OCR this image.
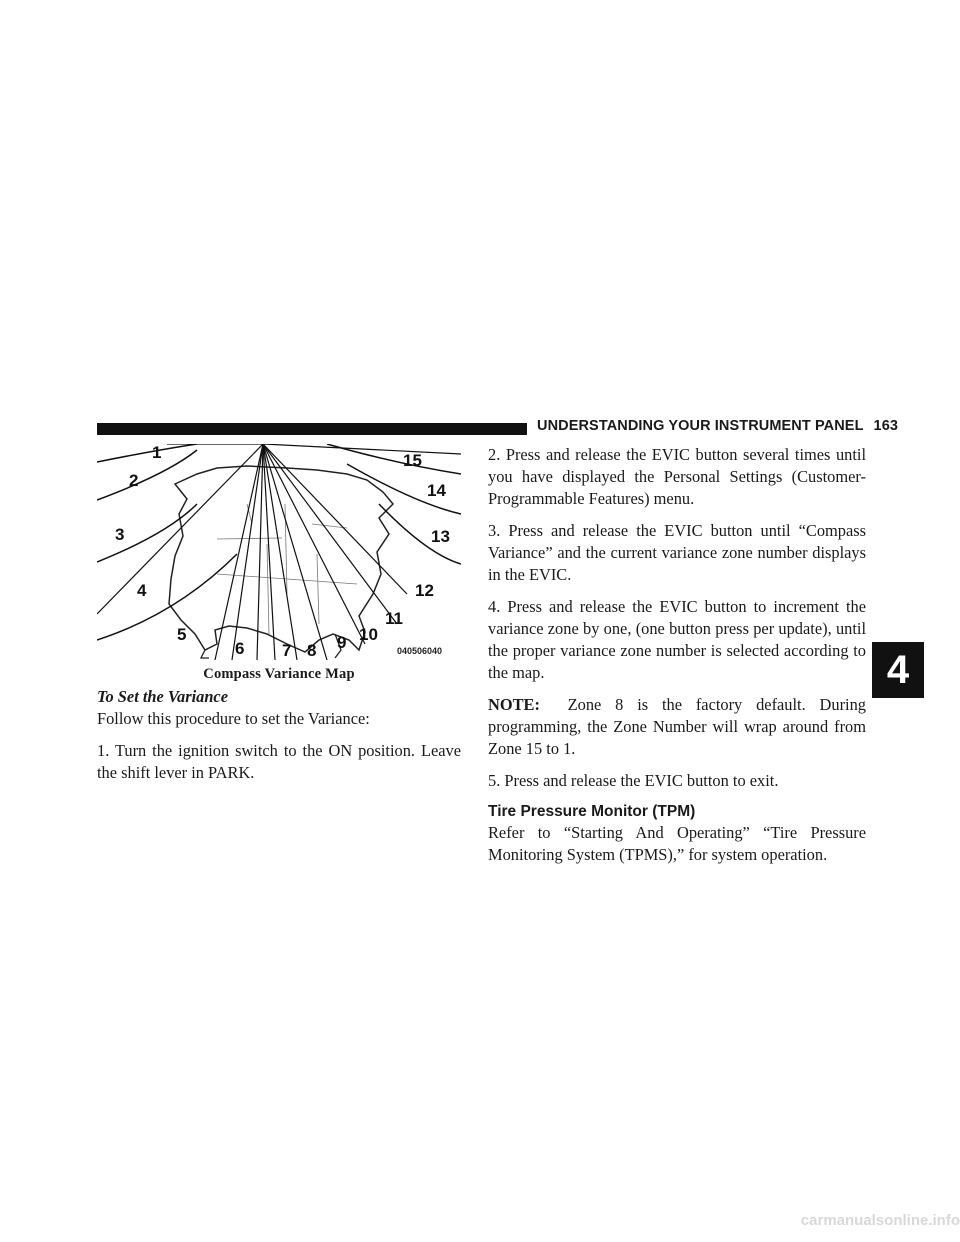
UNDERSTANDING YOUR INSTRUMENT PANEL 163
4
1
2
3
4
5
6 7 8 9 10
11
12
13
14
15
040506040
Compass Variance Map
To Set the Variance

Follow this procedure to set the Variance:

1. Turn the ignition switch to the ON position. Leave the shift lever in PARK.

2. Press and release the EVIC button several times until you have displayed the Personal Settings (Customer-Programmable Features) menu.

3. Press and release the EVIC button until “Compass Variance” and the current variance zone number displays in the EVIC.

4. Press and release the EVIC button to increment the variance zone by one, (one button press per update), until the proper variance zone number is selected according to the map.

NOTE: Zone 8 is the factory default. During programming, the Zone Number will wrap around from Zone 15 to 1.

5. Press and release the EVIC button to exit.

Tire Pressure Monitor (TPM)

Refer to “Starting And Operating” “Tire Pressure Monitoring System (TPMS),” for system operation.

carmanualsonline.info
